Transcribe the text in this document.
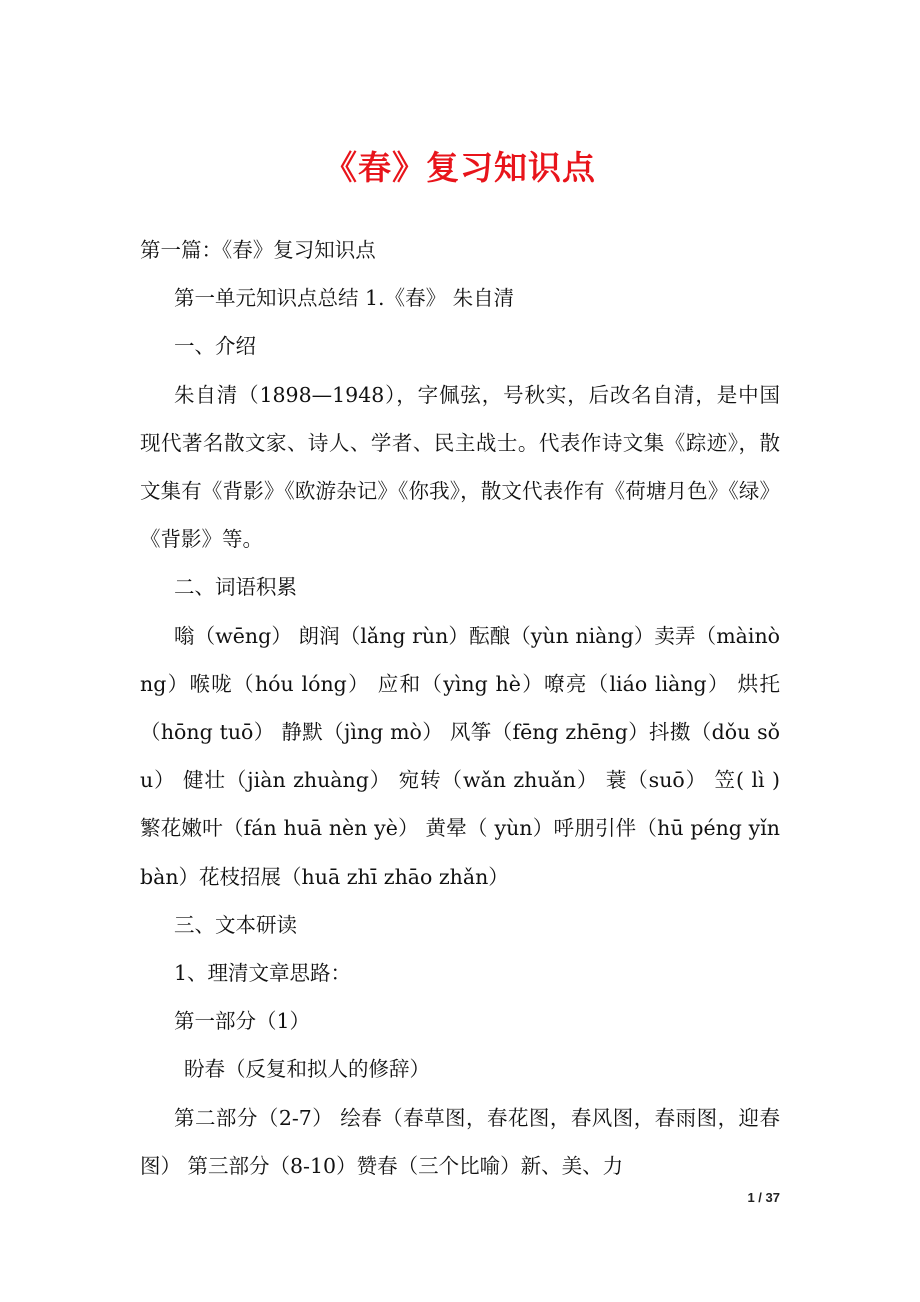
《春》复习知识点

第一篇：《春》复习知识点

第一单元知识点总结 1.《春》 朱自清

一、介绍

朱自清（1898—1948），字佩弦，号秋实，后改名自清，是中国现代著名散文家、诗人、学者、民主战士。代表作诗文集《踪迹》，散文集有《背影》《欧游杂记》《你我》，散文代表作有《荷塘月色》《绿》《背影》等。

二、词语积累

嗡（wēng） 朗润（lǎng rùn）酝酿（yùn niàng）卖弄（màinòng）喉咙（hóu lóng） 应和（yìng hè）嘹亮（liáo liàng） 烘托（hōng tuō） 静默（jìng mò） 风筝（fēng zhēng）抖擞（dǒu sǒu） 健壮（jiàn zhuàng） 宛转（wǎn zhuǎn） 蓑（suō） 笠( lì ) 繁花嫩叶（fán huā nèn yè） 黄晕（ yùn）呼朋引伴（hū péng yǐn bàn）花枝招展（huā zhī zhāo zhǎn）

三、文本研读

1、理清文章思路：

第一部分（1）

盼春（反复和拟人的修辞）

第二部分（2-7） 绘春（春草图，春花图，春风图，春雨图，迎春图） 第三部分（8-10）赞春（三个比喻）新、美、力

1 / 37
